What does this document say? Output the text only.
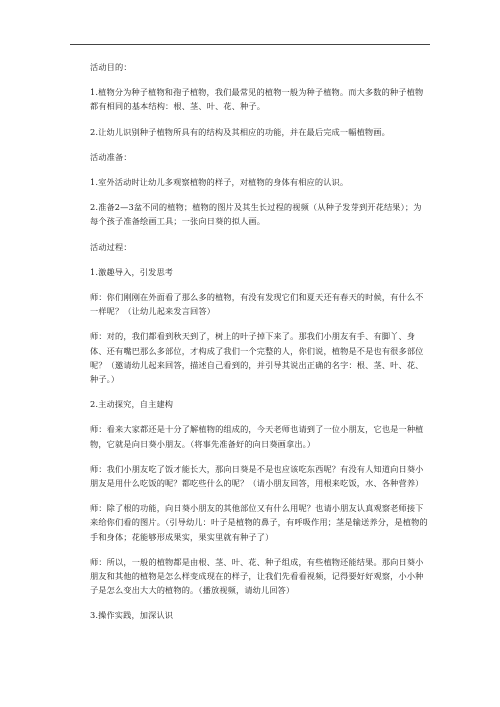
活动目的：

1.植物分为种子植物和孢子植物，我们最常见的植物一般为种子植物。而大多数的种子植物都有相同的基本结构：根、茎、叶、花、种子。

2.让幼儿识别种子植物所具有的结构及其相应的功能，并在最后完成一幅植物画。

活动准备：

1.室外活动时让幼儿多观察植物的样子，对植物的身体有相应的认识。

2.准备2—3盆不同的植物；植物的图片及其生长过程的视频（从种子发芽到开花结果）；为每个孩子准备绘画工具；一张向日葵的拟人画。

活动过程：

1.激趣导入，引发思考

师：你们刚刚在外面看了那么多的植物，有没有发现它们和夏天还有春天的时候，有什么不一样呢？（让幼儿起来发言回答）

师：对的，我们都看到秋天到了，树上的叶子掉下来了。那我们小朋友有手、有脚丫、身体、还有嘴巴那么多部位，才构成了我们一个完整的人，你们说，植物是不是也有很多部位呢？（邀请幼儿起来回答，描述自己看到的，并引导其说出正确的名字：根、茎、叶、花、种子。）

2.主动探究，自主建构

师：看来大家都还是十分了解植物的组成的，今天老师也请到了一位小朋友，它也是一种植物，它就是向日葵小朋友。（将事先准备好的向日葵画拿出。）

师：我们小朋友吃了饭才能长大，那向日葵是不是也应该吃东西呢？有没有人知道向日葵小朋友是用什么吃饭的呢？都吃些什么的呢？（请小朋友回答，用根来吃饭，水、各种营养）

师：除了根的功能，向日葵小朋友的其他部位又有什么用呢？也请小朋友认真观察老师接下来给你们看的图片。（引导幼儿：叶子是植物的鼻子，有呼吸作用；茎是输送养分，是植物的手和身体；花能够形成果实，果实里就有种子了）

师：所以，一般的植物都是由根、茎、叶、花、种子组成，有些植物还能结果。那向日葵小朋友和其他的植物是怎么样变成现在的样子，让我们先看看视频，记得要好好观察，小小种子是怎么变出大大的植物的。（播放视频，请幼儿回答）

3.操作实践，加深认识
